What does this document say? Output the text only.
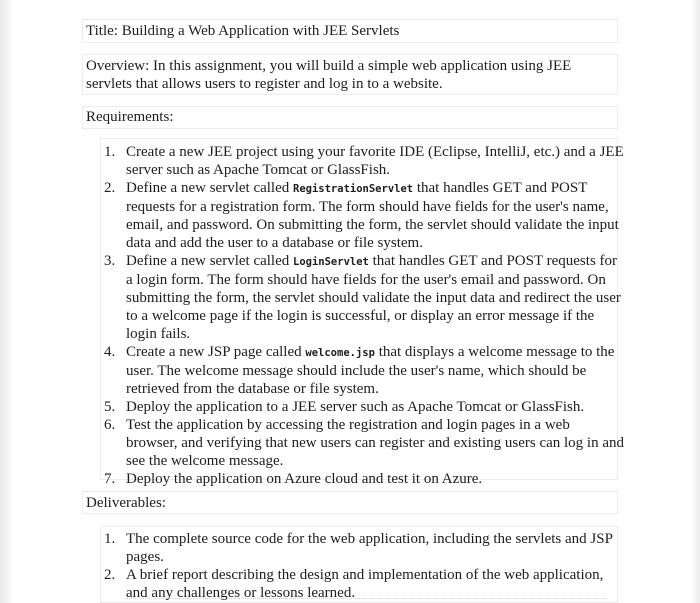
Title: Building a Web Application with JEE Servlets

Overview: In this assignment, you will build a simple web application using JEE servlets that allows users to register and log in to a website.

Requirements:

1. Create a new JEE project using your favorite IDE (Eclipse, IntelliJ, etc.) and a JEE server such as Apache Tomcat or GlassFish.
2. Define a new servlet called RegistrationServlet that handles GET and POST requests for a registration form. The form should have fields for the user's name, email, and password. On submitting the form, the servlet should validate the input data and add the user to a database or file system.
3. Define a new servlet called LoginServlet that handles GET and POST requests for a login form. The form should have fields for the user's email and password. On submitting the form, the servlet should validate the input data and redirect the user to a welcome page if the login is successful, or display an error message if the login fails.
4. Create a new JSP page called welcome.jsp that displays a welcome message to the user. The welcome message should include the user's name, which should be retrieved from the database or file system.
5. Deploy the application to a JEE server such as Apache Tomcat or GlassFish.
6. Test the application by accessing the registration and login pages in a web browser, and verifying that new users can register and existing users can log in and see the welcome message.
7. Deploy the application on Azure cloud and test it on Azure.

Deliverables:

1. The complete source code for the web application, including the servlets and JSP pages.
2. A brief report describing the design and implementation of the web application, and any challenges or lessons learned.
